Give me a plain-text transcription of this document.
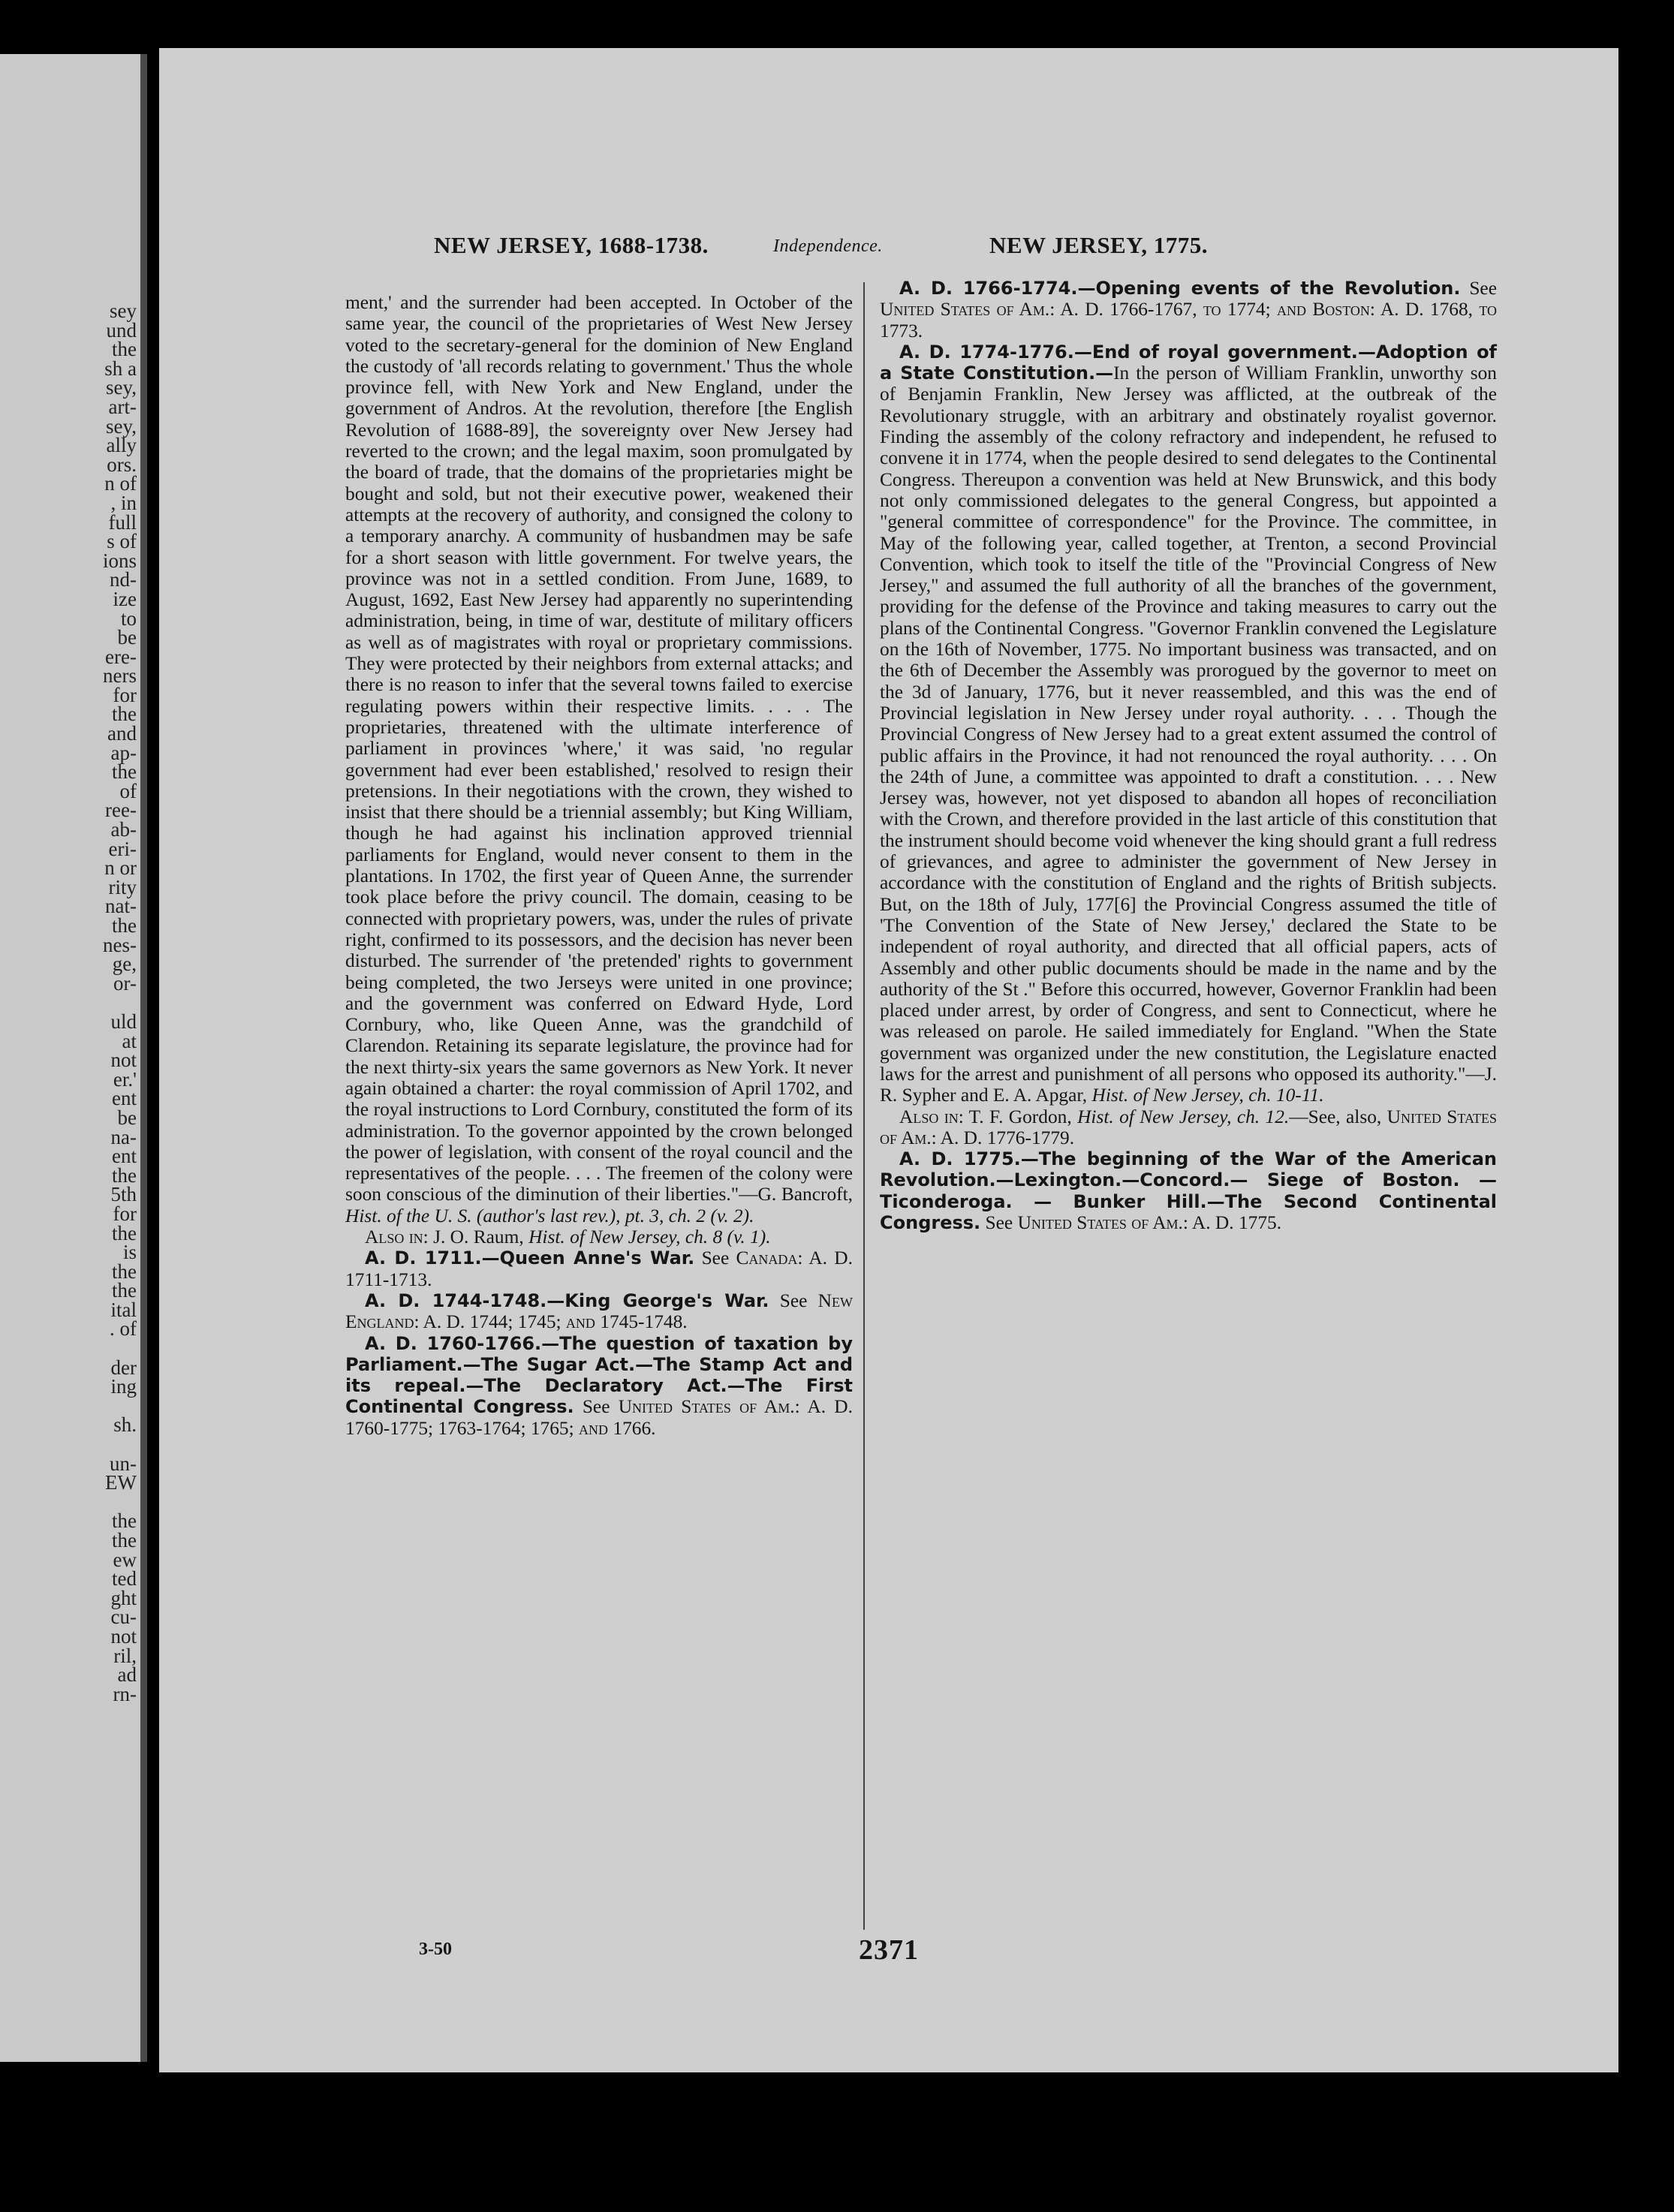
sey
und
the
sh a
sey,
art-
sey,
ally
ors.
n of
, in
full
s of
ions
nd-
ize
to
be
ere-
ners
for
the
and
ap-
the
of
ree-
ab-
eri-
n or
rity
nat-
the
nes-
ge,
or-

uld
at
not
er.'
ent
be
na-
ent
the
5th
for
the
is
the
the
ital
. of

der
ing

sh.

un-
EW

the
the
ew
ted
ght
cu-
not
ril,
ad
rn-
NEW JERSEY, 1688-1738.	Independence.	NEW JERSEY, 1775.

ment,' and the surrender had been accepted. In October of the same year, the council of the proprietaries of West New Jersey voted to the secretary-general for the dominion of New England the custody of 'all records relating to government.' Thus the whole province fell, with New York and New England, under the government of Andros. At the revolution, therefore [the English Revolution of 1688-89], the sovereignty over New Jersey had reverted to the crown; and the legal maxim, soon promulgated by the board of trade, that the domains of the proprietaries might be bought and sold, but not their executive power, weakened their attempts at the recovery of authority, and consigned the colony to a temporary anarchy. A community of husbandmen may be safe for a short season with little government. For twelve years, the province was not in a settled condition. From June, 1689, to August, 1692, East New Jersey had apparently no superintending administration, being, in time of war, destitute of military officers as well as of magistrates with royal or proprietary commissions. They were protected by their neighbors from external attacks; and there is no reason to infer that the several towns failed to exercise regulating powers within their respective limits. . . . The proprietaries, threatened with the ultimate interference of parliament in provinces 'where,' it was said, 'no regular government had ever been established,' resolved to resign their pretensions. In their negotiations with the crown, they wished to insist that there should be a triennial assembly; but King William, though he had against his inclination approved triennial parliaments for England, would never consent to them in the plantations. In 1702, the first year of Queen Anne, the surrender took place before the privy council. The domain, ceasing to be connected with proprietary powers, was, under the rules of private right, confirmed to its possessors, and the decision has never been disturbed. The surrender of 'the pretended' rights to government being completed, the two Jerseys were united in one province; and the government was conferred on Edward Hyde, Lord Cornbury, who, like Queen Anne, was the grandchild of Clarendon. Retaining its separate legislature, the province had for the next thirty-six years the same governors as New York. It never again obtained a charter: the royal commission of April 1702, and the royal instructions to Lord Cornbury, constituted the form of its administration. To the governor appointed by the crown belonged the power of legislation, with consent of the royal council and the representatives of the people. . . . The freemen of the colony were soon conscious of the diminution of their liberties."—G. Bancroft, Hist. of the U. S. (author's last rev.), pt. 3, ch. 2 (v. 2).

Also in: J. O. Raum, Hist. of New Jersey, ch. 8 (v. 1).

A. D. 1711.—Queen Anne's War. See Canada: A. D. 1711-1713.

A. D. 1744-1748.—King George's War. See New England: A. D. 1744; 1745; and 1745-1748.

A. D. 1760-1766.—The question of taxation by Parliament.—The Sugar Act.—The Stamp Act and its repeal.—The Declaratory Act.—The First Continental Congress. See United States of Am.: A. D. 1760-1775; 1763-1764; 1765; and 1766.

A. D. 1766-1774.—Opening events of the Revolution. See United States of Am.: A. D. 1766-1767, to 1774; and Boston: A. D. 1768, to 1773.

A. D. 1774-1776.—End of royal government.—Adoption of a State Constitution.—In the person of William Franklin, unworthy son of Benjamin Franklin, New Jersey was afflicted, at the outbreak of the Revolutionary struggle, with an arbitrary and obstinately royalist governor. Finding the assembly of the colony refractory and independent, he refused to convene it in 1774, when the people desired to send delegates to the Continental Congress. Thereupon a convention was held at New Brunswick, and this body not only commissioned delegates to the general Congress, but appointed a "general committee of correspondence" for the Province. The committee, in May of the following year, called together, at Trenton, a second Provincial Convention, which took to itself the title of the "Provincial Congress of New Jersey," and assumed the full authority of all the branches of the government, providing for the defense of the Province and taking measures to carry out the plans of the Continental Congress. "Governor Franklin convened the Legislature on the 16th of November, 1775. No important business was transacted, and on the 6th of December the Assembly was prorogued by the governor to meet on the 3d of January, 1776, but it never reassembled, and this was the end of Provincial legislation in New Jersey under royal authority. . . . Though the Provincial Congress of New Jersey had to a great extent assumed the control of public affairs in the Province, it had not renounced the royal authority. . . . On the 24th of June, a committee was appointed to draft a constitution. . . . New Jersey was, however, not yet disposed to abandon all hopes of reconciliation with the Crown, and therefore provided in the last article of this constitution that the instrument should become void whenever the king should grant a full redress of grievances, and agree to administer the government of New Jersey in accordance with the constitution of England and the rights of British subjects. But, on the 18th of July, 177[6] the Provincial Congress assumed the title of 'The Convention of the State of New Jersey,' declared the State to be independent of royal authority, and directed that all official papers, acts of Assembly and other public documents should be made in the name and by the authority of the St ." Before this occurred, however, Governor Franklin had been placed under arrest, by order of Congress, and sent to Connecticut, where he was released on parole. He sailed immediately for England. "When the State government was organized under the new constitution, the Legislature enacted laws for the arrest and punishment of all persons who opposed its authority."—J. R. Sypher and E. A. Apgar, Hist. of New Jersey, ch. 10-11.

Also in: T. F. Gordon, Hist. of New Jersey, ch. 12.—See, also, United States of Am.: A. D. 1776-1779.

A. D. 1775.—The beginning of the War of the American Revolution.—Lexington.—Concord.— Siege of Boston. — Ticonderoga. — Bunker Hill.—The Second Continental Congress. See United States of Am.: A. D. 1775.

3-50	2371
